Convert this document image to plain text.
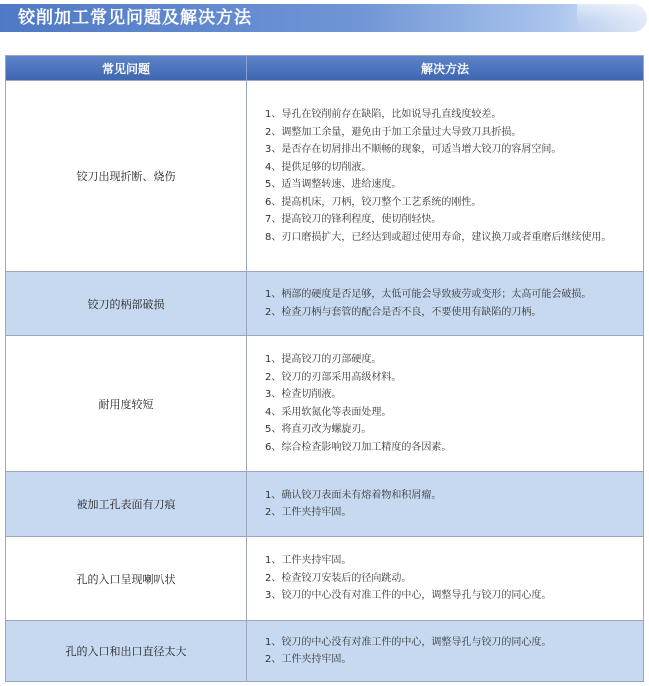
铰削加工常见问题及解决方法
常见问题	解决方法
铰刀出现折断、烧伤
1、 导孔在铰削前存在缺陷，比如说导孔直线度较差。
2、 调整加工余量，避免由于加工余量过大导致刀具折损。
3、 是否存在切屑排出不顺畅的现象，可适当增大铰刀的容屑空间。
4、 提供足够的切削液。
5、 适当调整转速、进给速度。
6、 提高机床，刀柄，铰刀整个工艺系统的刚性。
7、 提高铰刀的锋利程度，使切削轻快。
8、 刃口磨损扩大，已经达到或超过使用寿命，建议换刀或者重磨后继续使用。
铰刀的柄部破损
1、 柄部的硬度是否足够，太低可能会导致疲劳或变形；太高可能会破损。
2、 检查刀柄与套管的配合是否不良，不要使用有缺陷的刀柄。
耐用度较短
1、 提高铰刀的刃部硬度。
2、 铰刀的刃部采用高级材料。
3、 检查切削液。
4、 采用软氮化等表面处理。
5、 将直刃改为螺旋刃。
6、 综合检查影响铰刀加工精度的各因素。
被加工孔表面有刀痕
1、 确认铰刀表面未有熔着物和积屑瘤。
2、 工件夹持牢固。
孔的入口呈现喇叭状
1、 工件夹持牢固。
2、 检查铰刀安装后的径向跳动。
3、 铰刀的中心没有对准工件的中心，调整导孔与铰刀的同心度。
孔的入口和出口直径太大
1、 铰刀的中心没有对准工件的中心，调整导孔与铰刀的同心度。
2、 工件夹持牢固。
